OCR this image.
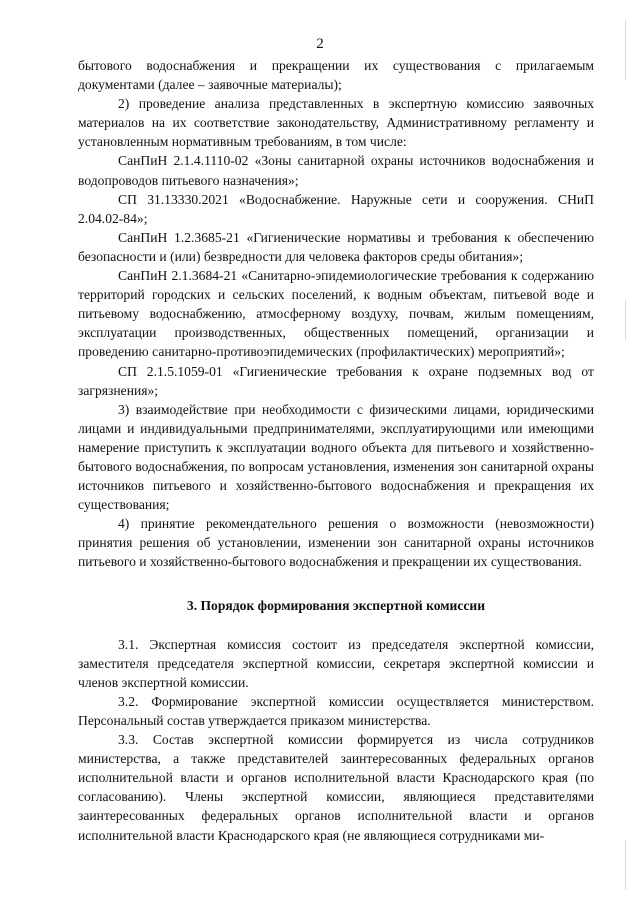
2

бытового водоснабжения и прекращении их существования с прилагаемым документами (далее – заявочные материалы);

2) проведение анализа представленных в экспертную комиссию заявочных материалов на их соответствие законодательству, Административному регламенту и установленным нормативным требованиям, в том числе:

СанПиН 2.1.4.1110-02 «Зоны санитарной охраны источников водоснабжения и водопроводов питьевого назначения»;

СП 31.13330.2021 «Водоснабжение. Наружные сети и сооружения. СНиП 2.04.02-84»;

СанПиН 1.2.3685-21 «Гигиенические нормативы и требования к обеспечению безопасности и (или) безвредности для человека факторов среды обитания»;

СанПиН 2.1.3684-21 «Санитарно-эпидемиологические требования к содержанию территорий городских и сельских поселений, к водным объектам, питьевой воде и питьевому водоснабжению, атмосферному воздуху, почвам, жилым помещениям, эксплуатации производственных, общественных помещений, организации и проведению санитарно-противоэпидемических (профилактических) мероприятий»;

СП 2.1.5.1059-01 «Гигиенические требования к охране подземных вод от загрязнения»;

3) взаимодействие при необходимости с физическими лицами, юридическими лицами и индивидуальными предпринимателями, эксплуатирующими или имеющими намерение приступить к эксплуатации водного объекта для питьевого и хозяйственно-бытового водоснабжения, по вопросам установления, изменения зон санитарной охраны источников питьевого и хозяйственно-бытового водоснабжения и прекращения их существования;

4) принятие рекомендательного решения о возможности (невозможности) принятия решения об установлении, изменении зон санитарной охраны источников питьевого и хозяйственно-бытового водоснабжения и прекращении их существования.

3. Порядок формирования экспертной комиссии

3.1. Экспертная комиссия состоит из председателя экспертной комиссии, заместителя председателя экспертной комиссии, секретаря экспертной комиссии и членов экспертной комиссии.

3.2. Формирование экспертной комиссии осуществляется министерством. Персональный состав утверждается приказом министерства.

3.3. Состав экспертной комиссии формируется из числа сотрудников министерства, а также представителей заинтересованных федеральных органов исполнительной власти и органов исполнительной власти Краснодарского края (по согласованию). Члены экспертной комиссии, являющиеся представителями заинтересованных федеральных органов исполнительной власти и органов исполнительной власти Краснодарского края (не являющиеся сотрудниками ми-
